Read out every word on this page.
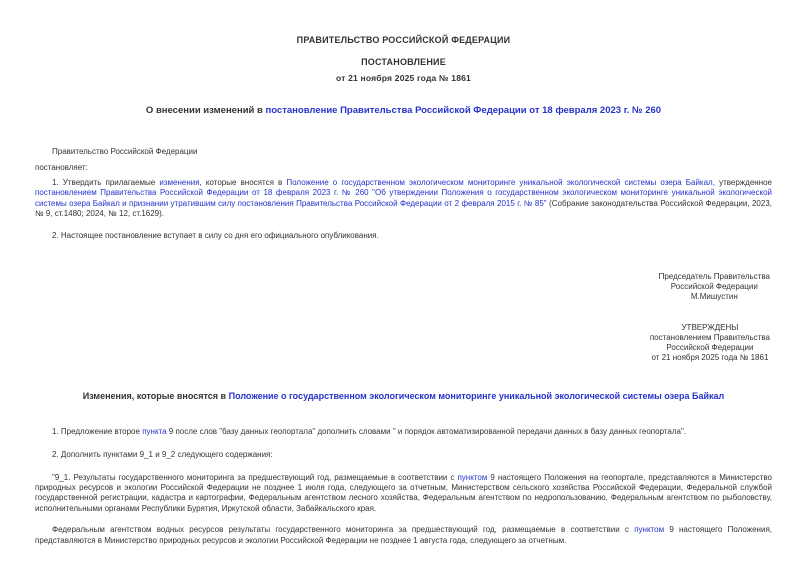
ПРАВИТЕЛЬСТВО РОССИЙСКОЙ ФЕДЕРАЦИИ
ПОСТАНОВЛЕНИЕ
от 21 ноября 2025 года № 1861
О внесении изменений в постановление Правительства Российской Федерации от 18 февраля 2023 г. № 260
Правительство Российской Федерации
постановляет:
1. Утвердить прилагаемые изменения, которые вносятся в Положение о государственном экологическом мониторинге уникальной экологической системы озера Байкал, утвержденное постановлением Правительства Российской Федерации от 18 февраля 2023 г. № 260 "Об утверждении Положения о государственном экологическом мониторинге уникальной экологической системы озера Байкал и признании утратившим силу постановления Правительства Российской Федерации от 2 февраля 2015 г. № 85" (Собрание законодательства Российской Федерации, 2023, № 9, ст.1480; 2024, № 12, ст.1629).
2. Настоящее постановление вступает в силу со дня его официального опубликования.
Председатель Правительства
Российской Федерации
М.Мишустин
УТВЕРЖДЕНЫ
постановлением Правительства
Российской Федерации
от 21 ноября 2025 года № 1861
Изменения, которые вносятся в Положение о государственном экологическом мониторинге уникальной экологической системы озера Байкал
1. Предложение второе пункта 9 после слов "базу данных геопортала" дополнить словами " и порядок автоматизированной передачи данных в базу данных геопортала".
2. Дополнить пунктами 9_1 и 9_2 следующего содержания:
"9_1. Результаты государственного мониторинга за предшествующий год, размещаемые в соответствии с пунктом 9 настоящего Положения на геопортале, представляются в Министерство природных ресурсов и экологии Российской Федерации не позднее 1 июля года, следующего за отчетным, Министерством сельского хозяйства Российской Федерации, Федеральной службой государственной регистрации, кадастра и картографии, Федеральным агентством лесного хозяйства, Федеральным агентством по недропользованию, Федеральным агентством по рыболовству, исполнительными органами Республики Бурятия, Иркутской области, Забайкальского края.
Федеральным агентством водных ресурсов результаты государственного мониторинга за предшествующий год, размещаемые в соответствии с пунктом 9 настоящего Положения, представляются в Министерство природных ресурсов и экологии Российской Федерации не позднее 1 августа года, следующего за отчетным.
